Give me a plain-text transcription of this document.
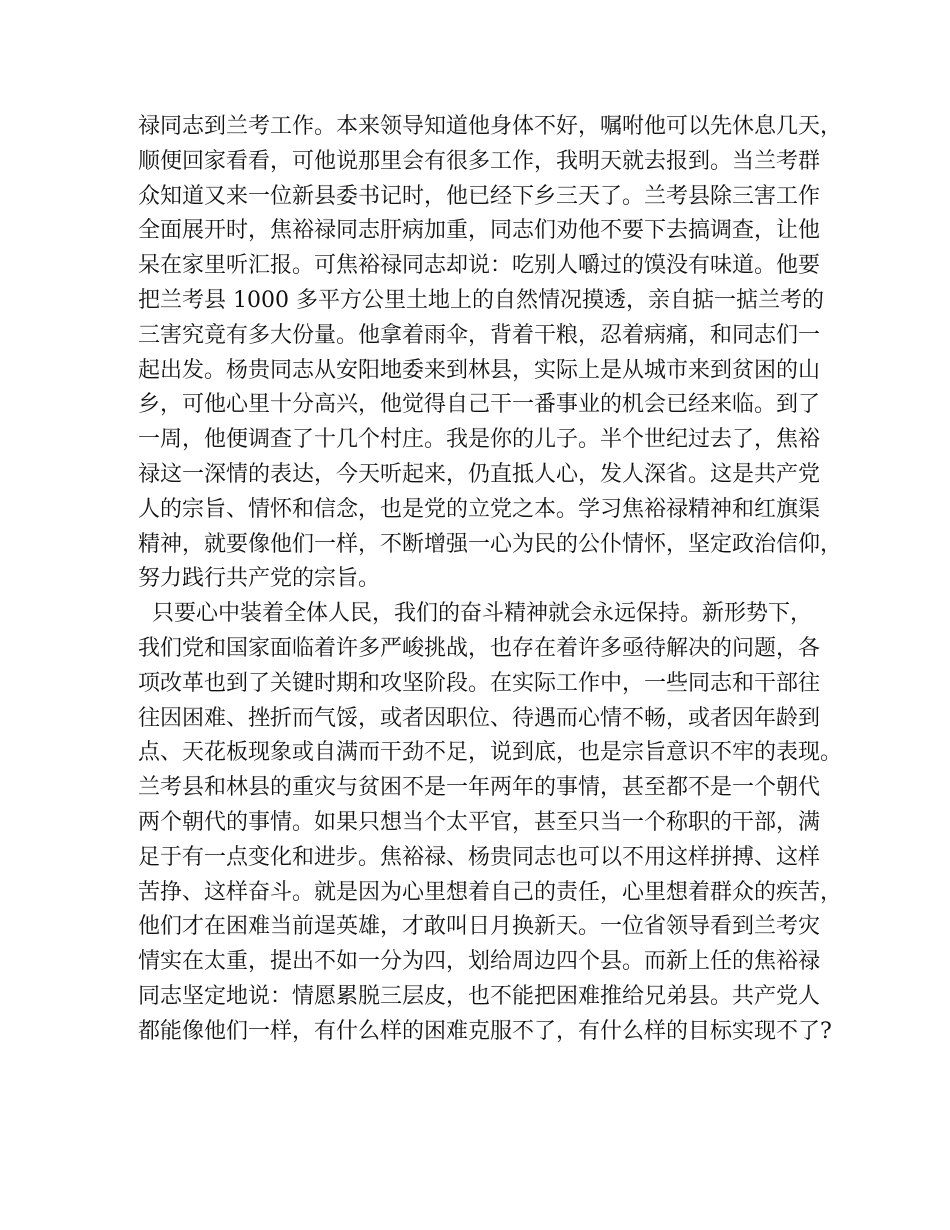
禄同志到兰考工作。本来领导知道他身体不好，嘱咐他可以先休息几天，
顺便回家看看，可他说那里会有很多工作，我明天就去报到。当兰考群
众知道又来一位新县委书记时，他已经下乡三天了。兰考县除三害工作
全面展开时，焦裕禄同志肝病加重，同志们劝他不要下去搞调查，让他
呆在家里听汇报。可焦裕禄同志却说：吃别人嚼过的馍没有味道。他要
把兰考县 1000 多平方公里土地上的自然情况摸透，亲自掂一掂兰考的
三害究竟有多大份量。他拿着雨伞，背着干粮，忍着病痛，和同志们一
起出发。杨贵同志从安阳地委来到林县，实际上是从城市来到贫困的山
乡，可他心里十分高兴，他觉得自己干一番事业的机会已经来临。到了
一周，他便调查了十几个村庄。我是你的儿子。半个世纪过去了，焦裕
禄这一深情的表达，今天听起来，仍直抵人心，发人深省。这是共产党
人的宗旨、情怀和信念，也是党的立党之本。学习焦裕禄精神和红旗渠
精神，就要像他们一样，不断增强一心为民的公仆情怀，坚定政治信仰，
努力践行共产党的宗旨。
只要心中装着全体人民，我们的奋斗精神就会永远保持。新形势下，
我们党和国家面临着许多严峻挑战，也存在着许多亟待解决的问题，各
项改革也到了关键时期和攻坚阶段。在实际工作中，一些同志和干部往
往因困难、挫折而气馁，或者因职位、待遇而心情不畅，或者因年龄到
点、天花板现象或自满而干劲不足，说到底，也是宗旨意识不牢的表现。
兰考县和林县的重灾与贫困不是一年两年的事情，甚至都不是一个朝代
两个朝代的事情。如果只想当个太平官，甚至只当一个称职的干部，满
足于有一点变化和进步。焦裕禄、杨贵同志也可以不用这样拼搏、这样
苦挣、这样奋斗。就是因为心里想着自己的责任，心里想着群众的疾苦，
他们才在困难当前逞英雄，才敢叫日月换新天。一位省领导看到兰考灾
情实在太重，提出不如一分为四，划给周边四个县。而新上任的焦裕禄
同志坚定地说：情愿累脱三层皮，也不能把困难推给兄弟县。共产党人
都能像他们一样，有什么样的困难克服不了，有什么样的目标实现不了?
